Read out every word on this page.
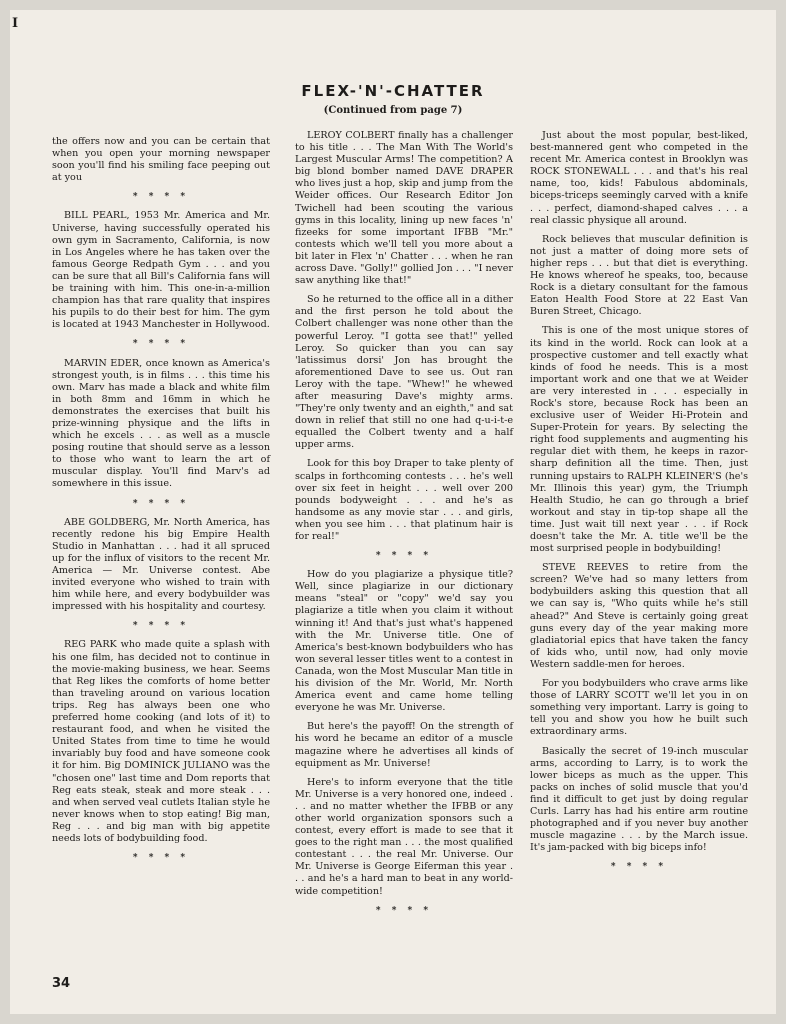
I
FLEX-'N'-CHATTER
(Continued from page 7)

the offers now and you can be certain that when you open your morning newspaper soon you'll find his smiling face peeping out at you

* * * *

BILL PEARL, 1953 Mr. America and Mr. Universe, having successfully operated his own gym in Sacramento, California, is now in Los Angeles where he has taken over the famous George Redpath Gym . . . and you can be sure that all Bill's California fans will be training with him. This one-in-a-million champion has that rare quality that inspires his pupils to do their best for him. The gym is located at 1943 Manchester in Hollywood.

* * * *

MARVIN EDER, once known as America's strongest youth, is in films . . . this time his own. Marv has made a black and white film in both 8mm and 16mm in which he demonstrates the exercises that built his prize-winning physique and the lifts in which he excels . . . as well as a muscle posing routine that should serve as a lesson to those who want to learn the art of muscular display. You'll find Marv's ad somewhere in this issue.

* * * *

ABE GOLDBERG, Mr. North America, has recently redone his big Empire Health Studio in Manhattan . . . had it all spruced up for the influx of visitors to the recent Mr. America — Mr. Universe contest. Abe invited everyone who wished to train with him while here, and every bodybuilder was impressed with his hospitality and courtesy.

* * * *

REG PARK who made quite a splash with his one film, has decided not to continue in the movie-making business, we hear. Seems that Reg likes the comforts of home better than traveling around on various location trips. Reg has always been one who preferred home cooking (and lots of it) to restaurant food, and when he visited the United States from time to time he would invariably buy food and have someone cook it for him. Big DOMINICK JULIANO was the "chosen one" last time and Dom reports that Reg eats steak, steak and more steak . . . and when served veal cutlets Italian style he never knows when to stop eating! Big man, Reg . . . and big man with big appetite needs lots of bodybuilding food.

* * * *

LEROY COLBERT finally has a challenger to his title . . . The Man With The World's Largest Muscular Arms! The competition? A big blond bomber named DAVE DRAPER who lives just a hop, skip and jump from the Weider offices. Our Research Editor Jon Twichell had been scouting the various gyms in this locality, lining up new faces 'n' fizeeks for some important IFBB "Mr." contests which we'll tell you more about a bit later in Flex 'n' Chatter . . . when he ran across Dave. "Golly!" gollied Jon . . . "I never saw anything like that!"

So he returned to the office all in a dither and the first person he told about the Colbert challenger was none other than the powerful Leroy. "I gotta see that!" yelled Leroy. So quicker than you can say 'latissimus dorsi' Jon has brought the aforementioned Dave to see us. Out ran Leroy with the tape. "Whew!" he whewed after measuring Dave's mighty arms. "They're only twenty and an eighth," and sat down in relief that still no one had q-u-i-t-e equalled the Colbert twenty and a half upper arms.

Look for this boy Draper to take plenty of scalps in forthcoming contests . . . he's well over six feet in height . . . well over 200 pounds bodyweight . . . and he's as handsome as any movie star . . . and girls, when you see him . . . that platinum hair is for real!"

* * * *

How do you plagiarize a physique title? Well, since plagiarize in our dictionary means "steal" or "copy" we'd say you plagiarize a title when you claim it without winning it! And that's just what's happened with the Mr. Universe title. One of America's best-known bodybuilders who has won several lesser titles went to a contest in Canada, won the Most Muscular Man title in his division of the Mr. World, Mr. North America event and came home telling everyone he was Mr. Universe.

But here's the payoff! On the strength of his word he became an editor of a muscle magazine where he advertises all kinds of equipment as Mr. Universe!

Here's to inform everyone that the title Mr. Universe is a very honored one, indeed . . . and no matter whether the IFBB or any other world organization sponsors such a contest, every effort is made to see that it goes to the right man . . . the most qualified contestant . . . the real Mr. Universe. Our Mr. Universe is George Eiferman this year . . . and he's a hard man to beat in any world-wide competition!

* * * *

Just about the most popular, best-liked, best-mannered gent who competed in the recent Mr. America contest in Brooklyn was ROCK STONEWALL . . . and that's his real name, too, kids! Fabulous abdominals, biceps-triceps seemingly carved with a knife . . . perfect, diamond-shaped calves . . . a real classic physique all around.

Rock believes that muscular definition is not just a matter of doing more sets of higher reps . . . but that diet is everything. He knows whereof he speaks, too, because Rock is a dietary consultant for the famous Eaton Health Food Store at 22 East Van Buren Street, Chicago.

This is one of the most unique stores of its kind in the world. Rock can look at a prospective customer and tell exactly what kinds of food he needs. This is a most important work and one that we at Weider are very interested in . . . especially in Rock's store, because Rock has been an exclusive user of Weider Hi-Protein and Super-Protein for years. By selecting the right food supplements and augmenting his regular diet with them, he keeps in razor-sharp definition all the time. Then, just running upstairs to RALPH KLEINER'S (he's Mr. Illinois this year) gym, the Triumph Health Studio, he can go through a brief workout and stay in tip-top shape all the time. Just wait till next year . . . if Rock doesn't take the Mr. A. title we'll be the most surprised people in bodybuilding!

STEVE REEVES to retire from the screen? We've had so many letters from bodybuilders asking this question that all we can say is, "Who quits while he's still ahead?" And Steve is certainly going great guns every day of the year making more gladiatorial epics that have taken the fancy of kids who, until now, had only movie Western saddle-men for heroes.

For you bodybuilders who crave arms like those of LARRY SCOTT we'll let you in on something very important. Larry is going to tell you and show you how he built such extraordinary arms.

Basically the secret of 19-inch muscular arms, according to Larry, is to work the lower biceps as much as the upper. This packs on inches of solid muscle that you'd find it difficult to get just by doing regular Curls. Larry has had his entire arm routine photographed and if you never buy another muscle magazine . . . by the March issue. It's jam-packed with big biceps info!

* * * *
34
